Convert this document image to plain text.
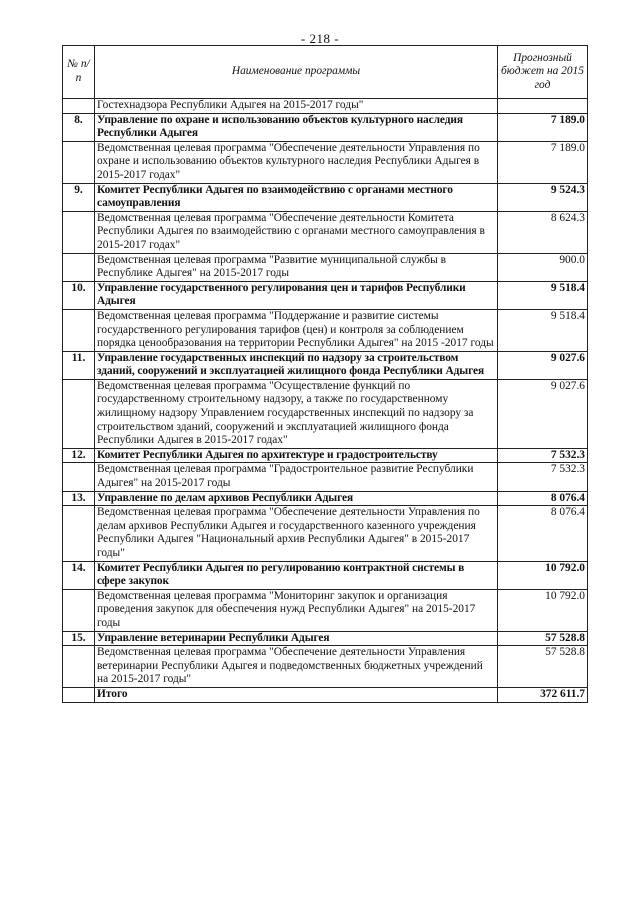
- 218 -
№ п/п	Наименование программы	Прогнозный бюджет на 2015 год
	Гостехнадзора Республики Адыгея на 2015-2017 годы"	
8.	Управление по охране и использованию объектов культурного наследия Республики Адыгея	7 189.0
	Ведомственная целевая программа "Обеспечение деятельности Управления по охране и использованию объектов культурного наследия Республики Адыгея в 2015-2017 годах"	7 189.0
9.	Комитет Республики Адыгея по взаимодействию с органами местного самоуправления	9 524.3
	Ведомственная целевая программа "Обеспечение деятельности Комитета Республики Адыгея по взаимодействию с органами местного самоуправления в 2015-2017 годах"	8 624.3
	Ведомственная целевая программа "Развитие муниципальной службы в Республике Адыгея" на 2015-2017 годы	900.0
10.	Управление государственного регулирования цен и тарифов Республики Адыгея	9 518.4
	Ведомственная целевая программа "Поддержание и развитие системы государственного регулирования тарифов (цен) и контроля за соблюдением порядка ценообразования на территории Республики Адыгея" на 2015 -2017 годы	9 518.4
11.	Управление государственных инспекций по надзору за строительством зданий, сооружений и эксплуатацией жилищного фонда Республики Адыгея	9 027.6
	Ведомственная целевая программа "Осуществление функций по государственному строительному надзору, а также по государственному жилищному надзору Управлением государственных инспекций по надзору за строительством зданий, сооружений и эксплуатацией жилищного фонда Республики Адыгея в 2015-2017 годах"	9 027.6
12.	Комитет Республики Адыгея по архитектуре и градостроительству	7 532.3
	Ведомственная целевая программа "Градостроительное развитие Республики Адыгея" на 2015-2017 годы	7 532.3
13.	Управление по делам архивов Республики Адыгея	8 076.4
	Ведомственная целевая программа "Обеспечение деятельности Управления по делам архивов Республики Адыгея и государственного казенного учреждения Республики Адыгея "Национальный архив Республики Адыгея" в 2015-2017 годы"	8 076.4
14.	Комитет Республики Адыгея по регулированию контрактной системы в сфере закупок	10 792.0
	Ведомственная целевая программа "Мониторинг закупок и организация проведения закупок для обеспечения нужд Республики Адыгея" на 2015-2017 годы	10 792.0
15.	Управление ветеринарии Республики Адыгея	57 528.8
	Ведомственная целевая программа "Обеспечение деятельности Управления ветеринарии Республики Адыгея и подведомственных бюджетных учреждений на 2015-2017 годы"	57 528.8
	Итого	372 611.7
